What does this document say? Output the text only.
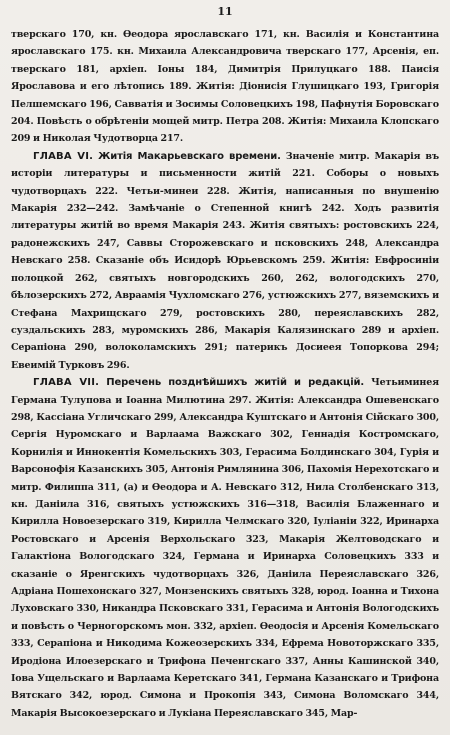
11

тверскаго 170, кн. Өеодора ярославскаго 171, кн. Василія и Константина ярославскаго 175. кн. Михаила Александровича тверскаго 177, Арсенія, еп. тверскаго 181, архіеп. Іоны 184, Димитрія Прилуцкаго 188. Паисія Ярославова и его лѣтопись 189. Житія: Діонисія Глушицкаго 193, Григорія Пелшемскаго 196, Савватія и Зосимы Соловецкихъ 198, Пафнутія Боровскаго 204. Повѣсть о обрѣтеніи мощей митр. Петра 208. Житія: Михаила Клопскаго 209 и Николая Чудотворца 217.

ГЛАВА VI. Житія Макарьевскаго времени. Значеніе митр. Макарія въ исторіи литературы и письменности житій 221. Соборы о новыхъ чудотворцахъ 222. Четьи-минеи 228. Житія, написанныя по внушенію Макарія 232—242. Замѣчаніе о Степенной книгѣ 242. Ходъ развитія литературы житій во время Макарія 243. Житія святыхъ: ростовскихъ 224, радонежскихъ 247, Саввы Сторожевскаго и псковскихъ 248, Александра Невскаго 258. Сказаніе объ Исидорѣ Юрьевскомъ 259. Житія: Евфросиніи полоцкой 262, святыхъ новгородскихъ 260, 262, вологодскихъ 270, бѣлозерскихъ 272, Авраамія Чухломскаго 276, устюжскихъ 277, вяземскихъ и Стефана Махрищскаго 279, ростовскихъ 280, переяславскихъ 282, суздальскихъ 283, муромскихъ 286, Макарія Калязинскаго 289 и архіеп. Серапіона 290, волоколамскихъ 291; патерикъ Досиеея Топоркова 294; Евеимій Турковъ 296.

ГЛАВА VII. Перечень позднѣйшихъ житій и редакцій. Четьиминея Германа Тулупова и Іоанна Милютина 297. Житія: Александра Ошевенскаго 298, Кассіана Угличскаго 299, Александра Куштскаго и Антонія Сійскаго 300, Сергія Нуромскаго и Варлаама Важскаго 302, Геннадія Костромскаго, Корнилія и Иннокентія Комельскихъ 303, Герасима Болдинскаго 304, Гурія и Варсонофія Казанскихъ 305, Антонія Римлянина 306, Пахомія Нерехотскаго и митр. Филиппа 311, (а) и Өеодора и А. Невскаго 312, Нила Столбенскаго 313, кн. Даніила 316, святыхъ устюжскихъ 316—318, Василія Блаженнаго и Кирилла Новоезерскаго 319, Кирилла Челмскаго 320, Іуліаніи 322, Иринарха Ростовскаго и Арсенія Верхольскаго 323, Макарія Желтоводскаго и Галактіона Вологодскаго 324, Германа и Иринарха Соловецкихъ 333 и сказаніе о Яренгскихъ чудотворцахъ 326, Даніила Переяславскаго 326, Адріана Пошехонскаго 327, Монзенскихъ святыхъ 328, юрод. Іоанна и Тихона Луховскаго 330, Никандра Псковскаго 331, Герасима и Антонія Вологодскихъ и повѣсть о Черногорскомъ мон. 332, архіеп. Өеодосія и Арсенія Комельскаго 333, Серапіона и Никодима Кожеозерскихъ 334, Ефрема Новоторжскаго 335, Иродіона Илоезерскаго и Трифона Печенгскаго 337, Анны Кашинской 340, Іова Ущельскаго и Варлаама Керетскаго 341, Германа Казанскаго и Трифона Вятскаго 342, юрод. Симона и Прокопія 343, Симона Воломскаго 344, Макарія Высокоезерскаго и Лукіана Переяславскаго 345, Мар-
